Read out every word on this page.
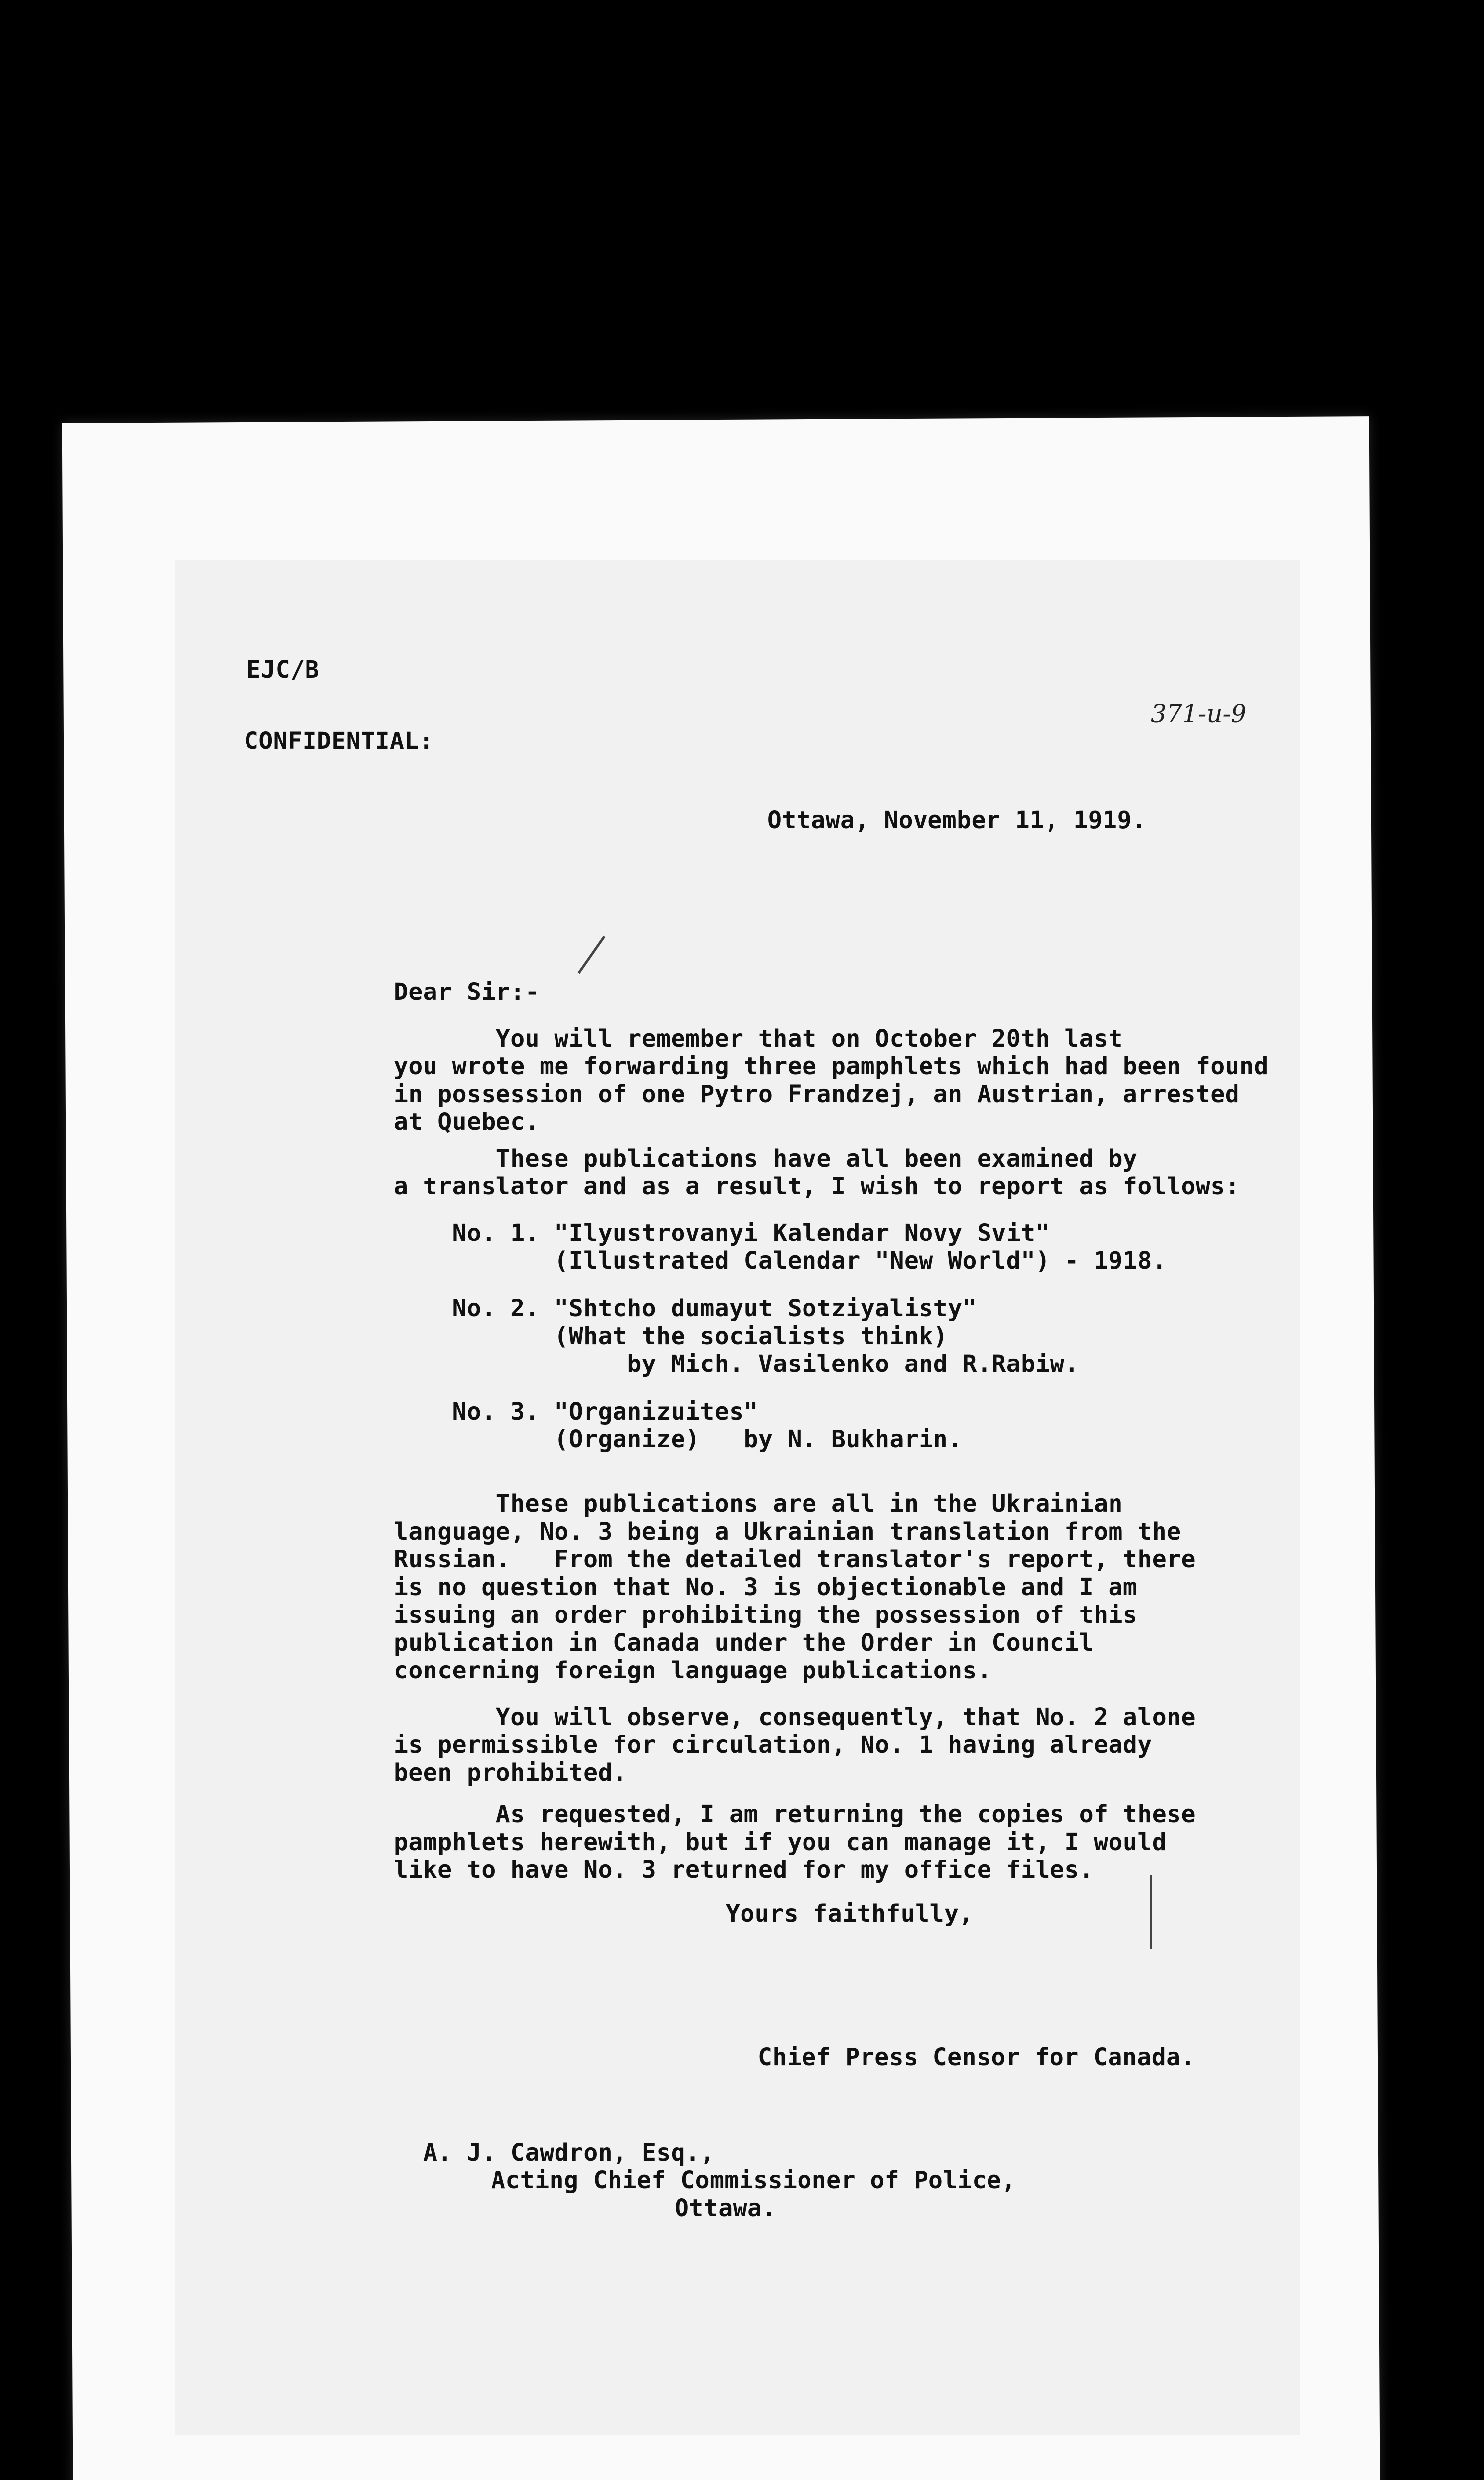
EJC/B
CONFIDENTIAL:
371-u-9
Ottawa, November 11, 1919.
Dear Sir:-
You will remember that on October 20th last
you wrote me forwarding three pamphlets which had been found
in possession of one Pytro Frandzej, an Austrian, arrested
at Quebec.
These publications have all been examined by
a translator and as a result, I wish to report as follows:
No. 1. "Ilyustrovanyi Kalendar Novy Svit"
(Illustrated Calendar "New World") - 1918.
No. 2. "Shtcho dumayut Sotziyalisty"
(What the socialists think)
by Mich. Vasilenko and R.Rabiw.
No. 3. "Organizuites"
(Organize)   by N. Bukharin.
These publications are all in the Ukrainian
language, No. 3 being a Ukrainian translation from the
Russian.   From the detailed translator's report, there
is no question that No. 3 is objectionable and I am
issuing an order prohibiting the possession of this
publication in Canada under the Order in Council
concerning foreign language publications.
You will observe, consequently, that No. 2 alone
is permissible for circulation, No. 1 having already
been prohibited.
As requested, I am returning the copies of these
pamphlets herewith, but if you can manage it, I would
like to have No. 3 returned for my office files.
Yours faithfully,
Chief Press Censor for Canada.
A. J. Cawdron, Esq.,
Acting Chief Commissioner of Police,
Ottawa.
